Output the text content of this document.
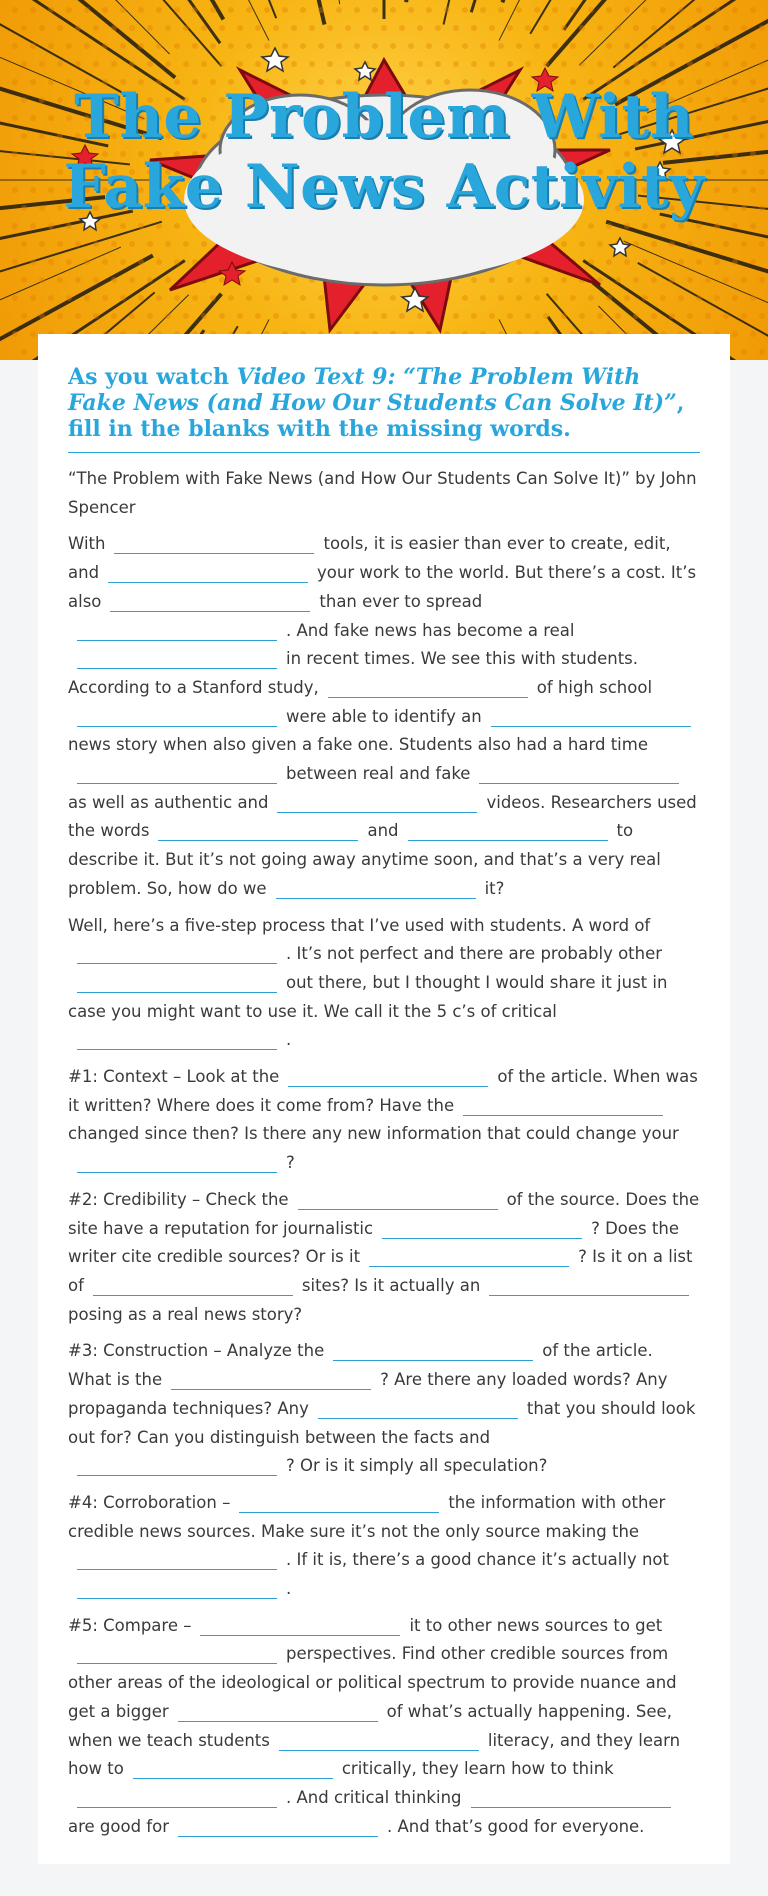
The Problem With Fake News Activity
As you watch Video Text 9: “The Problem With Fake News (and How Our Students Can Solve It)”, fill in the blanks with the missing words.

“The Problem with Fake News (and How Our Students Can Solve It)” by John Spencer

With	tools, it is easier than ever to create, edit, and	your work to the world. But there’s a cost. It’s also	than ever to spread. And fake news has become a realin recent times. We see this with students. According to a Stanford study,	of high schoolwere able to identify annews story when also given a fake one. Students also had a hard timebetween real and fakeas well as authentic and	videos. Researchers used the words	and	to describe it. But it’s not going away anytime soon, and that’s a very real problem. So, how do we	it?

Well, here’s a five-step process that I’ve used with students. A word of. It’s not perfect and there are probably otherout there, but I thought I would share it just in case you might want to use it. We call it the 5 c’s of critical.

#1: Context – Look at the	of the article. When was it written? Where does it come from? Have thechanged since then? Is there any new information that could change your?

#2: Credibility – Check the	of the source. Does the site have a reputation for journalistic	? Does the writer cite credible sources? Or is it	? Is it on a list of	sites? Is it actually anposing as a real news story?

#3: Construction – Analyze the	of the article. What is the	? Are there any loaded words? Any propaganda techniques? Any	that you should look out for? Can you distinguish between the facts and? Or is it simply all speculation?

#4: Corroboration –	the information with other credible news sources. Make sure it’s not the only source making the. If it is, there’s a good chance it’s actually not.

#5: Compare –	it to other news sources to getperspectives. Find other credible sources from other areas of the ideological or political spectrum to provide nuance and get a bigger	of what’s actually happening. See, when we teach students	literacy, and they learn how to	critically, they learn how to think. And critical thinkingare good for	. And that’s good for everyone.
